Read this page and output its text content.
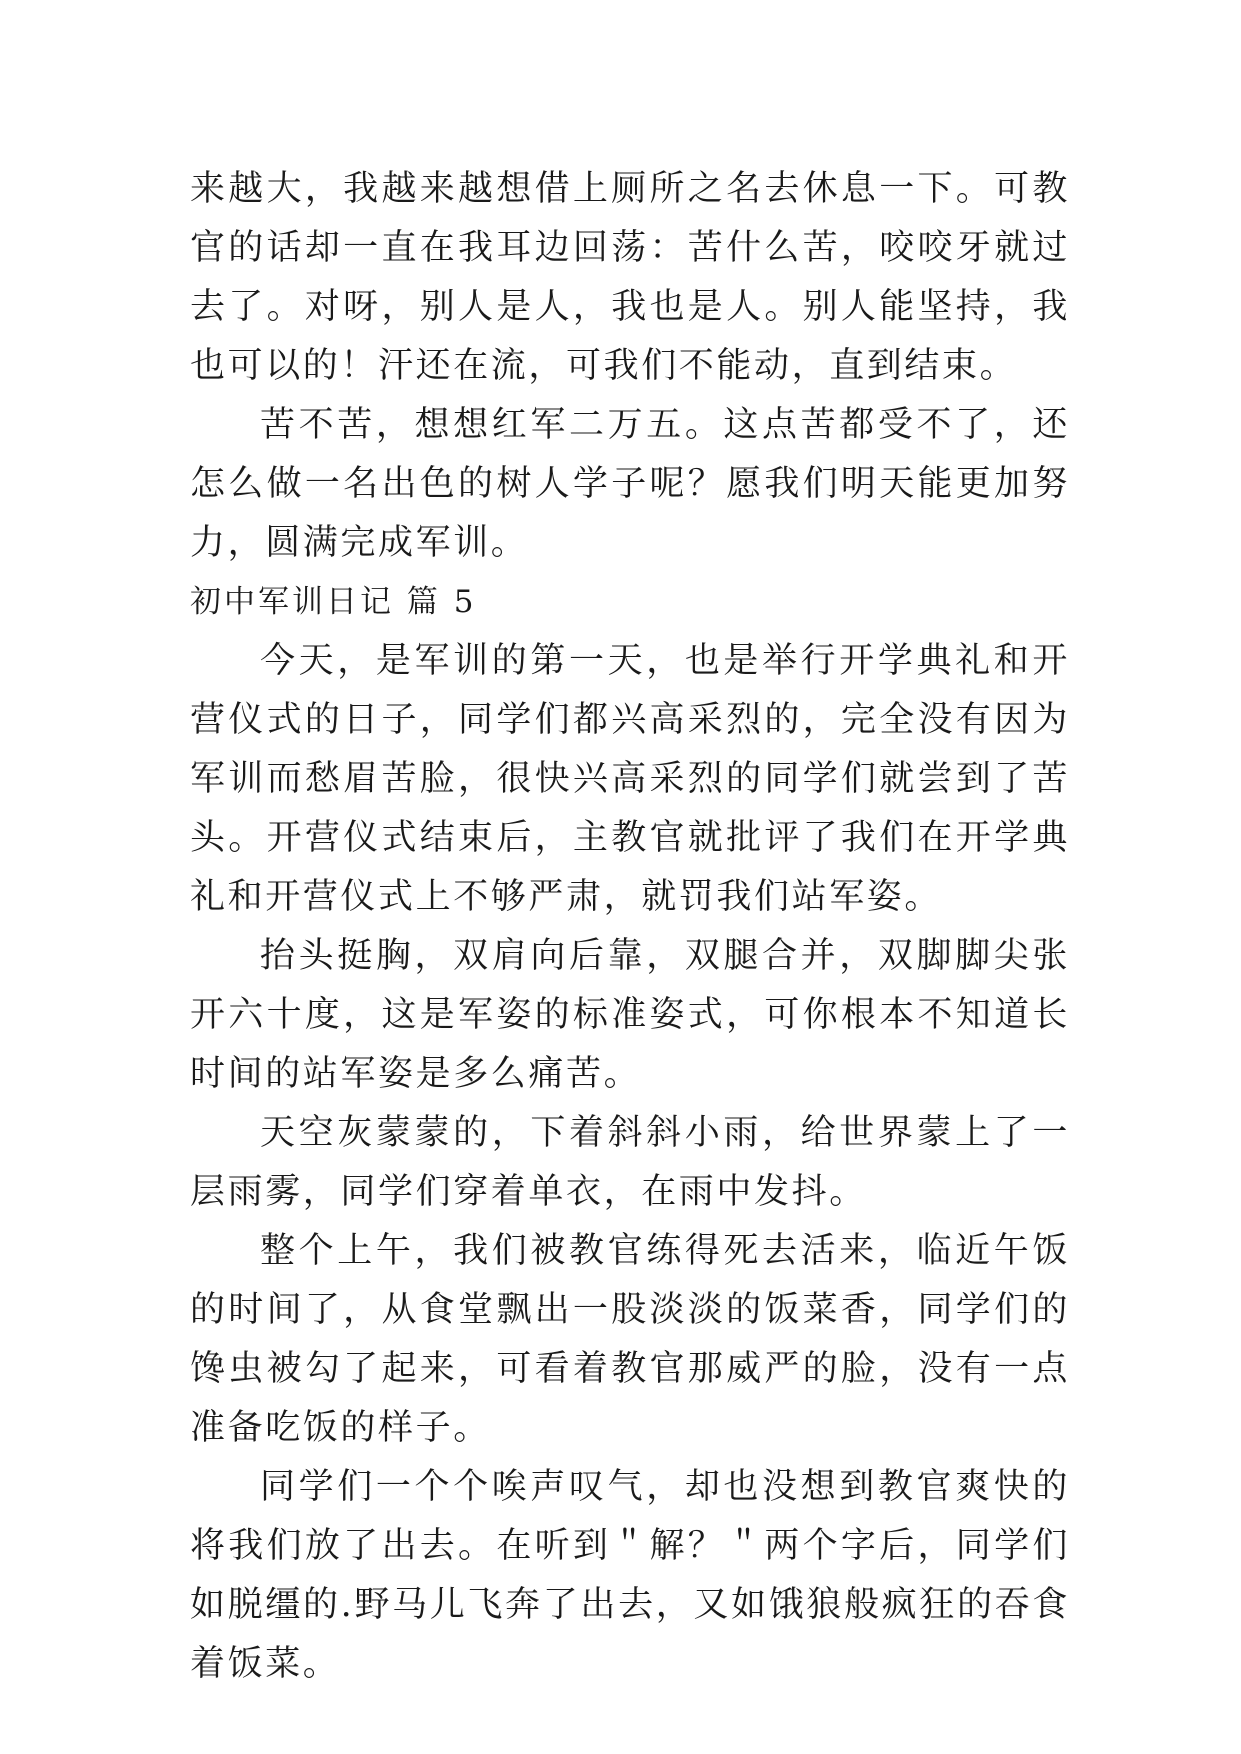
来越大，我越来越想借上厕所之名去休息一下。可教官的话却一直在我耳边回荡：苦什么苦，咬咬牙就过去了。对呀，别人是人，我也是人。别人能坚持，我也可以的！汗还在流，可我们不能动，直到结束。

苦不苦，想想红军二万五。这点苦都受不了，还怎么做一名出色的树人学子呢？愿我们明天能更加努力，圆满完成军训。

初中军训日记 篇 5

今天，是军训的第一天，也是举行开学典礼和开营仪式的日子，同学们都兴高采烈的，完全没有因为军训而愁眉苦脸，很快兴高采烈的同学们就尝到了苦头。开营仪式结束后，主教官就批评了我们在开学典礼和开营仪式上不够严肃，就罚我们站军姿。

抬头挺胸，双肩向后靠，双腿合并，双脚脚尖张开六十度，这是军姿的标准姿式，可你根本不知道长时间的站军姿是多么痛苦。

天空灰蒙蒙的，下着斜斜小雨，给世界蒙上了一层雨雾，同学们穿着单衣，在雨中发抖。

整个上午，我们被教官练得死去活来，临近午饭的时间了，从食堂飘出一股淡淡的饭菜香，同学们的馋虫被勾了起来，可看着教官那威严的脸，没有一点准备吃饭的样子。

同学们一个个唉声叹气，却也没想到教官爽快的将我们放了出去。在听到＂解？＂两个字后，同学们如脱缰的.野马儿飞奔了出去，又如饿狼般疯狂的吞食着饭菜。
